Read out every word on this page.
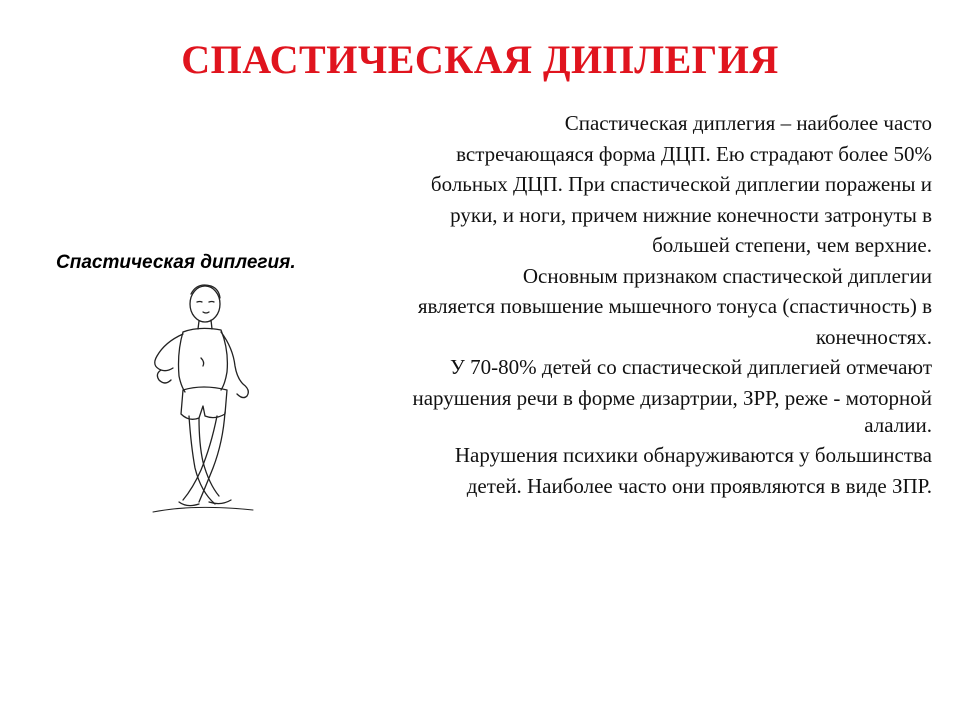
СПАСТИЧЕСКАЯ ДИПЛЕГИЯ
Спастическая диплегия.

Спастическая диплегия – наиболее часто

встречающаяся форма ДЦП. Ею страдают более 50%

больных ДЦП. При спастической диплегии поражены и

руки, и ноги, причем нижние конечности затронуты в

большей степени, чем верхние.

Основным признаком спастической диплегии

является повышение мышечного тонуса (спастичность) в

конечностях.

У 70-80% детей со спастической диплегией отмечают

нарушения речи в форме дизартрии, ЗРР, реже - моторной алалии.

Нарушения психики обнаруживаются у большинства

детей. Наиболее часто они проявляются в виде ЗПР.
